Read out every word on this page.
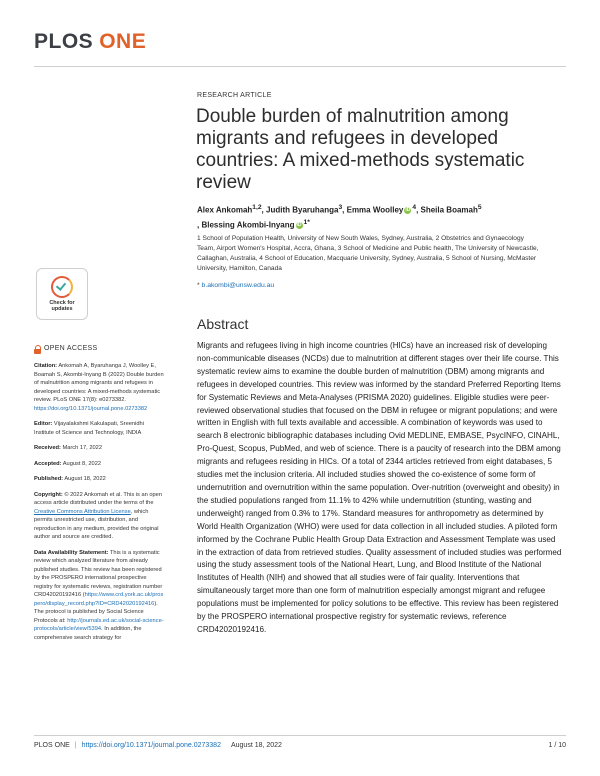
PLOS ONE
RESEARCH ARTICLE
Double burden of malnutrition among migrants and refugees in developed countries: A mixed-methods systematic review
Alex Ankomah$^{1,2}$, Judith Byaruhanga$^3$, Emma Woolley iD $^4$, Sheila Boamah$^5$
, Blessing Akombi-Inyang iD $^{1*}$
1 School of Population Health, University of New South Wales, Sydney, Australia, 2 Obstetrics and Gynaecology Team, Airport Women's Hospital, Accra, Ghana, 3 School of Medicine and Public health, The University of Newcastle, Callaghan, Australia, 4 School of Education, Macquarie University, Sydney, Australia, 5 School of Nursing, McMaster University, Hamilton, Canada
* b.akombi@unsw.edu.au
Abstract

Migrants and refugees living in high income countries (HICs) have an increased risk of developing non-communicable diseases (NCDs) due to malnutrition at different stages over their life course. This systematic review aims to examine the double burden of malnutrition (DBM) among migrants and refugees in developed countries. This review was informed by the standard Preferred Reporting Items for Systematic Reviews and Meta-Analyses (PRISMA 2020) guidelines. Eligible studies were peer-reviewed observational studies that focused on the DBM in refugee or migrant populations; and were written in English with full texts available and accessible. A combination of keywords was used to search 8 electronic bibliographic databases including Ovid MEDLINE, EMBASE, PsycINFO, CINAHL, Pro-Quest, Scopus, PubMed, and web of science. There is a paucity of research into the DBM among migrants and refugees residing in HICs. Of a total of 2344 articles retrieved from eight databases, 5 studies met the inclusion criteria. All included studies showed the co-existence of some form of undernutrition and overnutrition within the same population. Over-nutrition (overweight and obesity) in the studied populations ranged from 11.1% to 42% while undernutrition (stunting, wasting and underweight) ranged from 0.3% to 17%. Standard measures for anthropometry as determined by World Health Organization (WHO) were used for data collection in all included studies. A piloted form informed by the Cochrane Public Health Group Data Extraction and Assessment Template was used in the extraction of data from retrieved studies. Quality assessment of included studies was performed using the study assessment tools of the National Heart, Lung, and Blood Institute of the National Institutes of Health (NIH) and showed that all studies were of fair quality. Interventions that simultaneously target more than one form of malnutrition especially amongst migrant and refugee populations must be implemented for policy solutions to be effective. This review has been registered by the PROSPERO international prospective registry for systematic reviews, reference CRD42020192416.

Check for
updates
OPEN ACCESS

Citation: Ankomah A, Byaruhanga J, Woolley E, Boamah S, Akombi-Inyang B (2022) Double burden of malnutrition among migrants and refugees in developed countries: A mixed-methods systematic review. PLoS ONE 17(8): e0273382. https://doi.org/10.1371/journal.pone.0273382

Editor: Vijayalakshmi Kakulapati, Sreenidhi Institute of Science and Technology, INDIA

Received: March 17, 2022

Accepted: August 8, 2022

Published: August 18, 2022

Copyright: © 2022 Ankomah et al. This is an open access article distributed under the terms of the Creative Commons Attribution License, which permits unrestricted use, distribution, and reproduction in any medium, provided the original author and source are credited.

Data Availability Statement: This is a systematic review which analyzed literature from already published studies. This review has been registered by the PROSPERO international prospective registry for systematic reviews, registration number CRD42020192416 (https://www.crd.york.ac.uk/prospero/display_record.php?ID=CRD42020192416). The protocol is published by Social Science Protocols at: http://journals.ed.ac.uk/social-science-protocols/article/view/5394. In addition, the comprehensive search strategy for

PLOS ONE | https://doi.org/10.1371/journal.pone.0273382 August 18, 2022	1 / 10
